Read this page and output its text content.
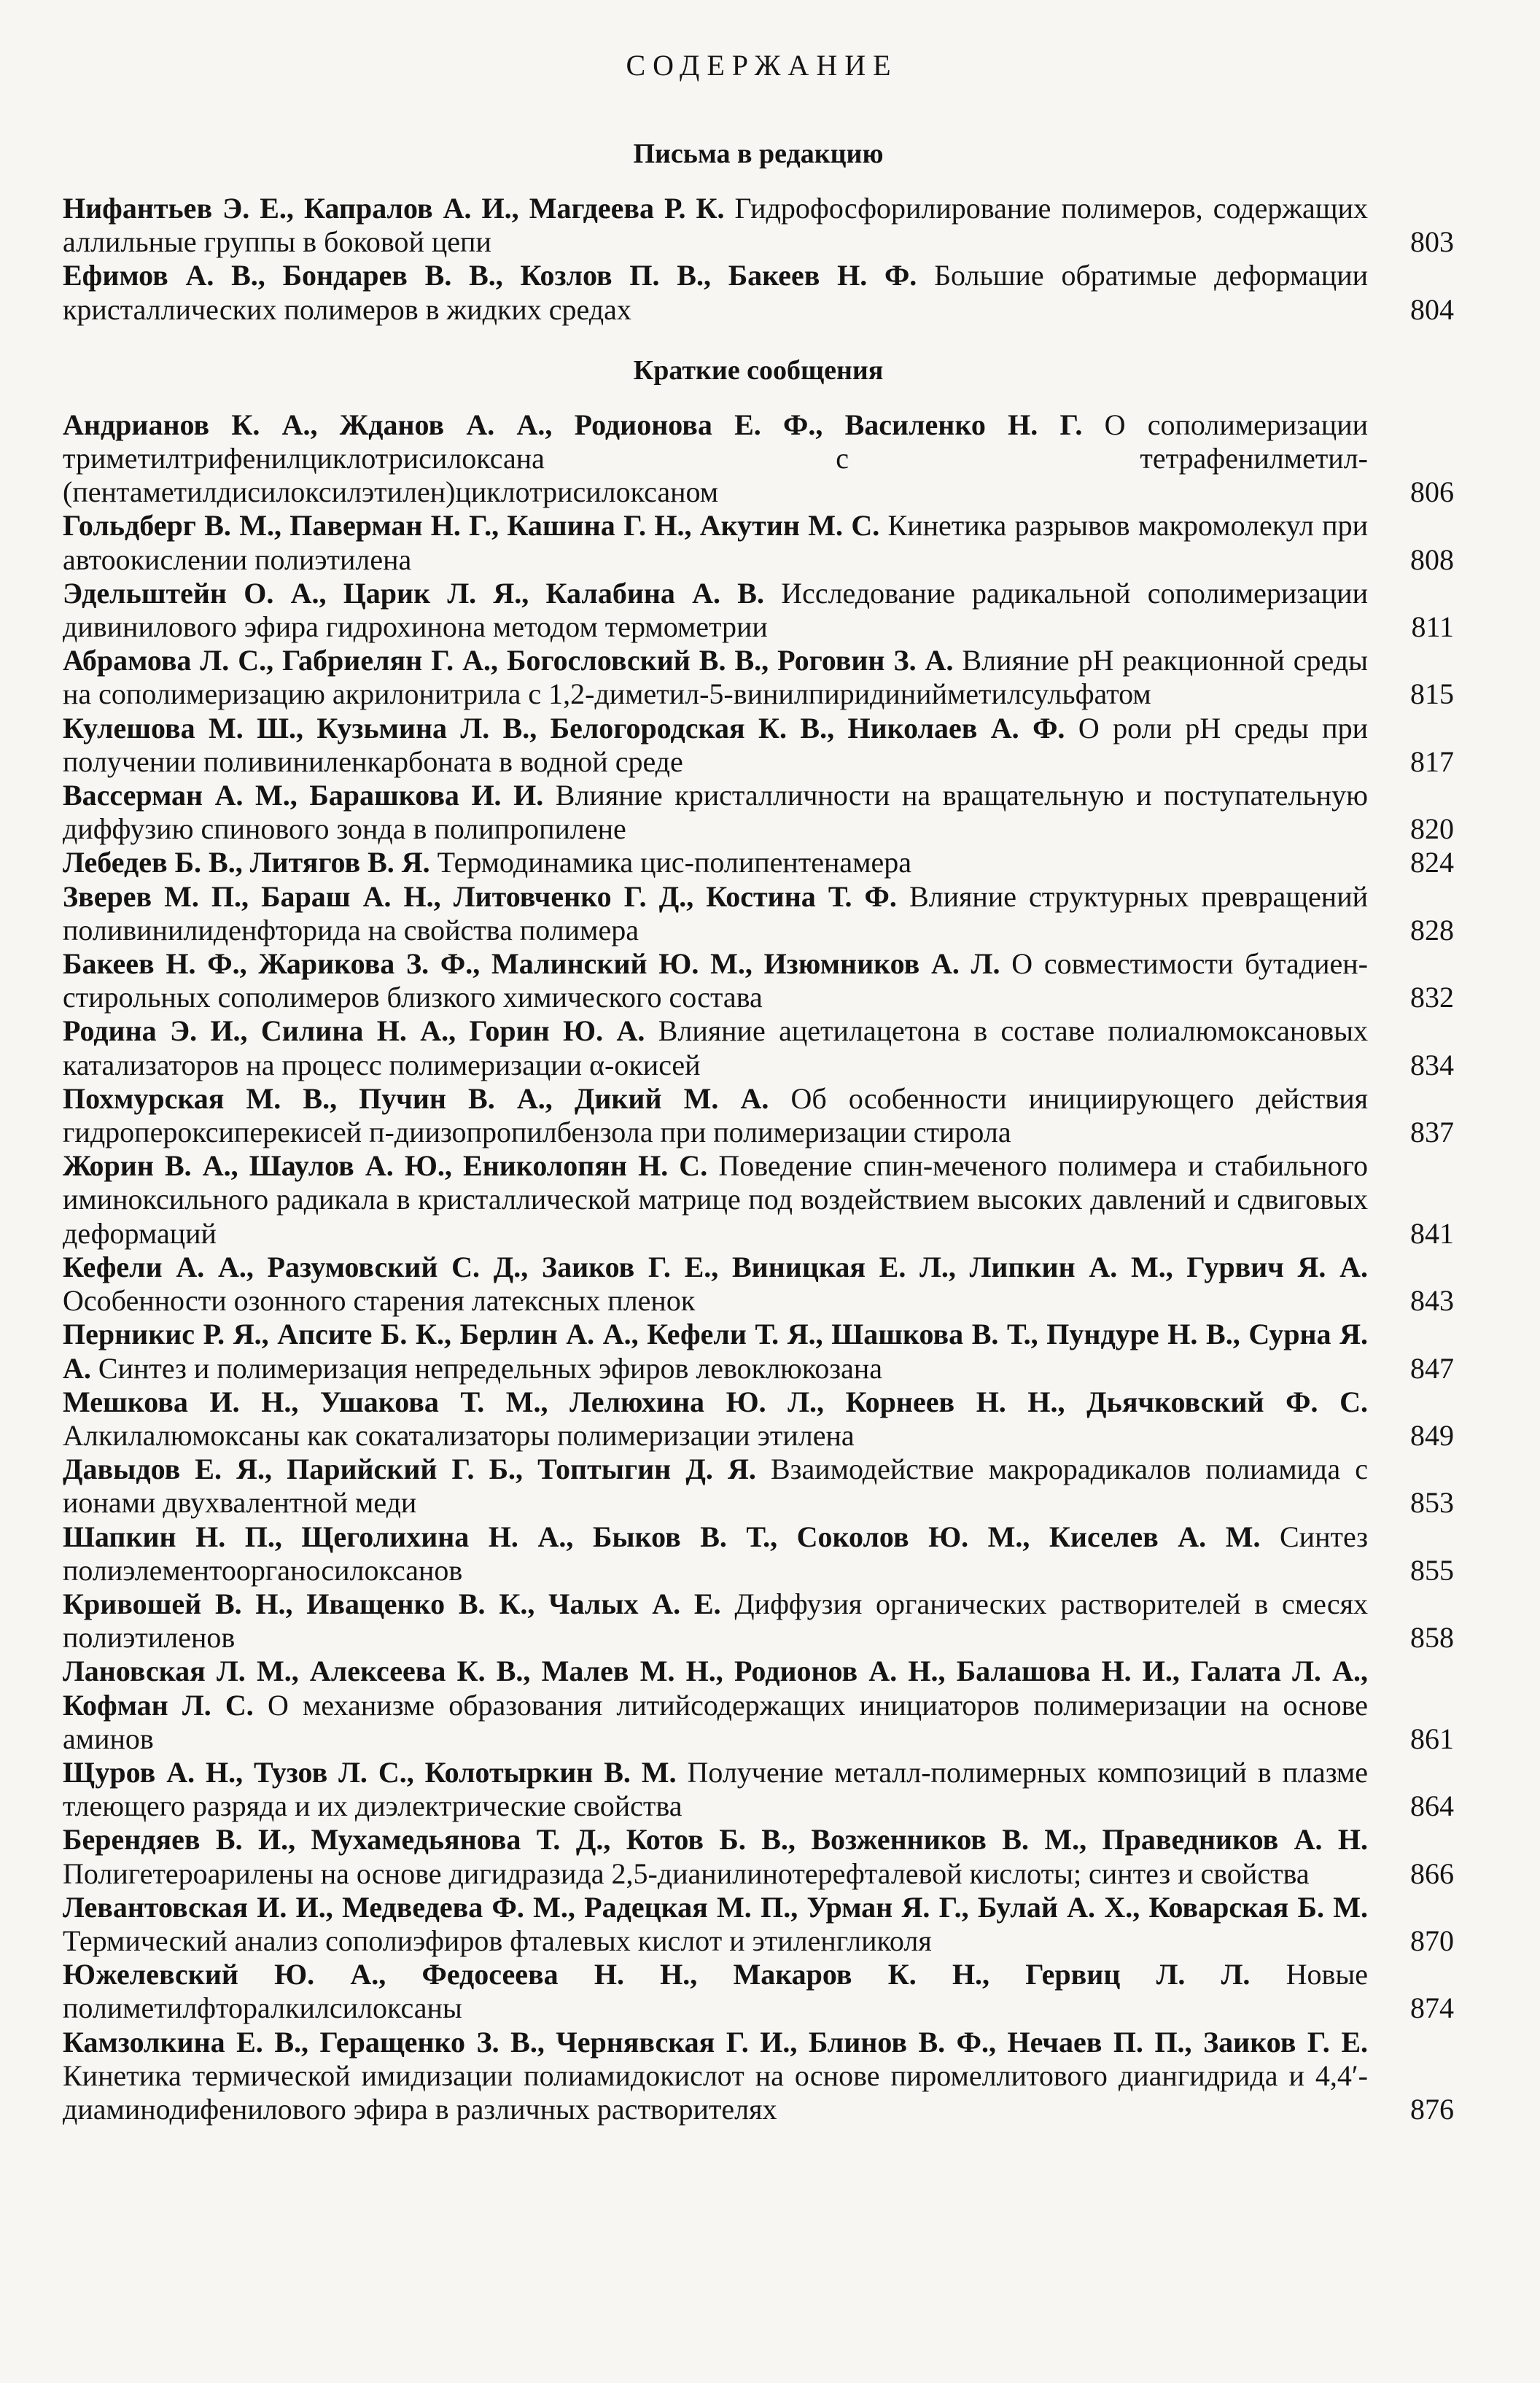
СОДЕРЖАНИЕ
Письма в редакцию
Нифантьев Э. Е., Капралов А. И., Магдеева Р. К. Гидрофосфорилирование полимеров, содержащих аллильные группы в боковой цепи	803
Ефимов А. В., Бондарев В. В., Козлов П. В., Бакеев Н. Ф. Большие обратимые деформации кристаллических полимеров в жидких средах	804
Краткие сообщения
Андрианов К. А., Жданов А. А., Родионова Е. Ф., Василенко Н. Г. О сополимеризации триметилтрифенилциклотрисилоксана с тетрафенилметил-(пентаметилдисилоксилэтилен)циклотрисилоксаном	806
Гольдберг В. М., Паверман Н. Г., Кашина Г. Н., Акутин М. С. Кинетика разрывов макромолекул при автоокислении полиэтилена	808
Эдельштейн О. А., Царик Л. Я., Калабина А. В. Исследование радикальной сополимеризации дивинилового эфира гидрохинона методом термометрии	811
Абрамова Л. С., Габриелян Г. А., Богословский В. В., Роговин З. А. Влияние pH реакционной среды на сополимеризацию акрилонитрила с 1,2-диметил-5-винилпиридинийметилсульфатом	815
Кулешова М. Ш., Кузьмина Л. В., Белогородская К. В., Николаев А. Ф. О роли pH среды при получении поливиниленкарбоната в водной среде	817
Вассерман А. М., Барашкова И. И. Влияние кристалличности на вращательную и поступательную диффузию спинового зонда в полипропилене	820
Лебедев Б. В., Литягов В. Я. Термодинамика цис-полипентенамера	824
Зверев М. П., Бараш А. Н., Литовченко Г. Д., Костина Т. Ф. Влияние структурных превращений поливинилиденфторида на свойства полимера	828
Бакеев Н. Ф., Жарикова З. Ф., Малинский Ю. М., Изюмников А. Л. О совместимости бутадиен-стирольных сополимеров близкого химического состава	832
Родина Э. И., Силина Н. А., Горин Ю. А. Влияние ацетилацетона в составе полиалюмоксановых катализаторов на процесс полимеризации α-окисей	834
Похмурская М. В., Пучин В. А., Дикий М. А. Об особенности инициирующего действия гидропероксиперекисей п-диизопропилбензола при полимеризации стирола	837
Жорин В. А., Шаулов А. Ю., Ениколопян Н. С. Поведение спин-меченого полимера и стабильного иминоксильного радикала в кристаллической матрице под воздействием высоких давлений и сдвиговых деформаций	841
Кефели А. А., Разумовский С. Д., Заиков Г. Е., Виницкая Е. Л., Липкин А. М., Гурвич Я. А. Особенности озонного старения латексных пленок	843
Перникис Р. Я., Апсите Б. К., Берлин А. А., Кефели Т. Я., Шашкова В. Т., Пундуре Н. В., Сурна Я. А. Синтез и полимеризация непредельных эфиров левоклюкозана	847
Мешкова И. Н., Ушакова Т. М., Лелюхина Ю. Л., Корнеев Н. Н., Дьячковский Ф. С. Алкилалюмоксаны как сокатализаторы полимеризации этилена	849
Давыдов Е. Я., Парийский Г. Б., Топтыгин Д. Я. Взаимодействие макрорадикалов полиамида с ионами двухвалентной меди	853
Шапкин Н. П., Щеголихина Н. А., Быков В. Т., Соколов Ю. М., Киселев А. М. Синтез полиэлементоорганосилоксанов	855
Кривошей В. Н., Иващенко В. К., Чалых А. Е. Диффузия органических растворителей в смесях полиэтиленов	858
Лановская Л. М., Алексеева К. В., Малев М. Н., Родионов А. Н., Балашова Н. И., Галата Л. А., Кофман Л. С. О механизме образования литийсодержащих инициаторов полимеризации на основе аминов	861
Щуров А. Н., Тузов Л. С., Колотыркин В. М. Получение металл-полимерных композиций в плазме тлеющего разряда и их диэлектрические свойства	864
Берендяев В. И., Мухамедьянова Т. Д., Котов Б. В., Возженников В. М., Праведников А. Н. Полигетероарилены на основе дигидразида 2,5-дианилинотерефталевой кислоты; синтез и свойства	866
Левантовская И. И., Медведева Ф. М., Радецкая М. П., Урман Я. Г., Булай А. Х., Коварская Б. М. Термический анализ сополиэфиров фталевых кислот и этиленгликоля	870
Южелевский Ю. А., Федосеева Н. Н., Макаров К. Н., Гервиц Л. Л. Новые полиметилфторалкилсилоксаны	874
Камзолкина Е. В., Геращенко З. В., Чернявская Г. И., Блинов В. Ф., Нечаев П. П., Заиков Г. Е. Кинетика термической имидизации полиамидокислот на основе пиромеллитового диангидрида и 4,4′-диаминодифенилового эфира в различных растворителях	876
